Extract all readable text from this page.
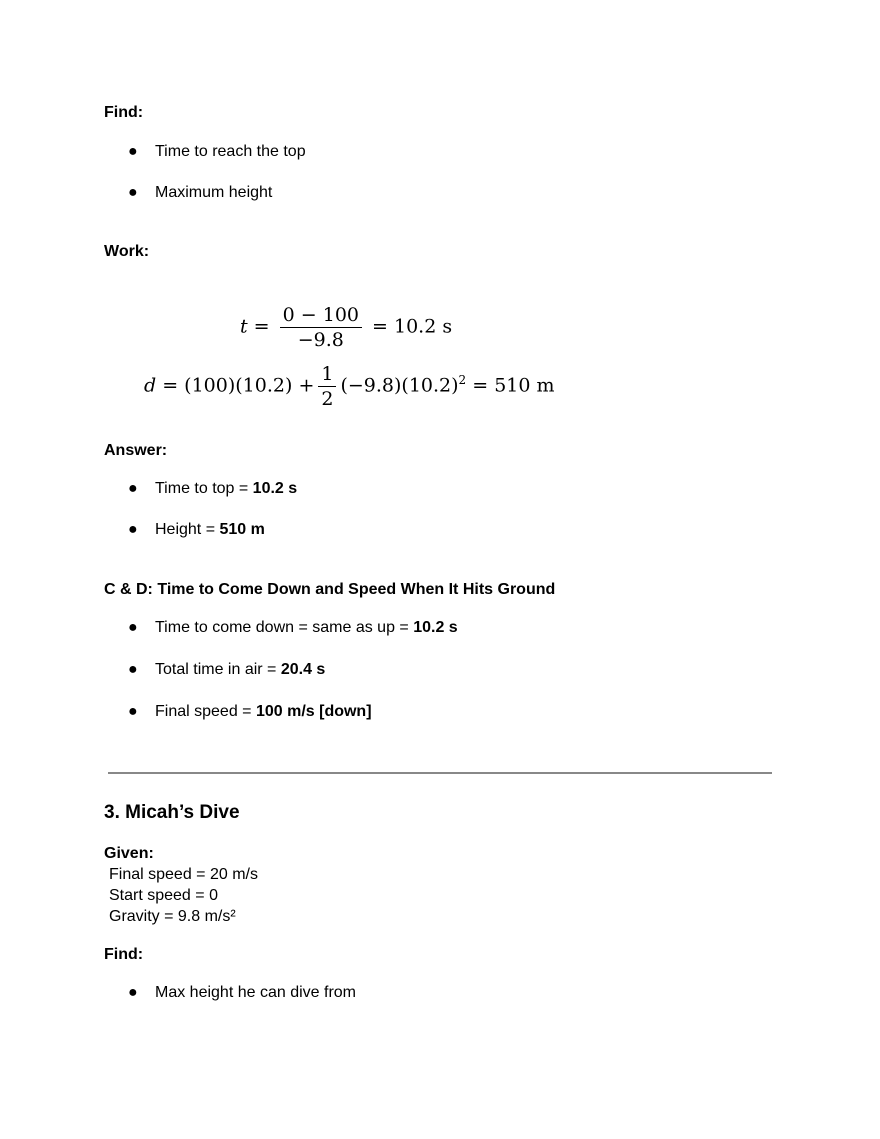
Find:
● Time to reach the top
● Maximum height
Work:
$t = \frac{0 - 100}{-9.8} = 10.2$ s
$d = (100)(10.2) + \frac{1}{2} (-9.8)(10.2)^2 = 510$ m
Answer:
● Time to top = 10.2 s
● Height = 510 m
C & D: Time to Come Down and Speed When It Hits Ground
● Time to come down = same as up = 10.2 s
● Total time in air = 20.4 s
● Final speed = 100 m/s [down]
3. Micah’s Dive
Given:
Final speed = 20 m/s
Start speed = 0
Gravity = 9.8 m/s²
Find:
● Max height he can dive from
